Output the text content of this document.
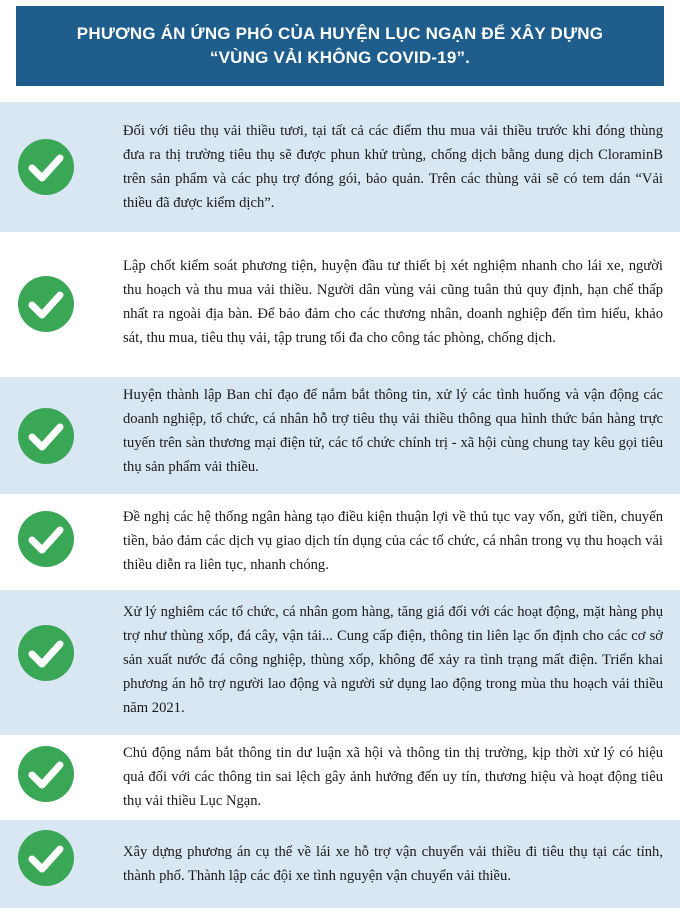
PHƯƠNG ÁN ỨNG PHÓ CỦA HUYỆN LỤC NGẠN ĐỂ XÂY DỰNG
“VÙNG VẢI KHÔNG COVID-19”.
Đối với tiêu thụ vải thiều tươi, tại tất cả các điểm thu mua vải thiều trước khi đóng thùng đưa ra thị trường tiêu thụ sẽ được phun khử trùng, chống dịch bằng dung dịch CloraminB trên sản phẩm và các phụ trợ đóng gói, bảo quản. Trên các thùng vải sẽ có tem dán “Vải thiều đã được kiểm dịch”.
Lập chốt kiểm soát phương tiện, huyện đầu tư thiết bị xét nghiệm nhanh cho lái xe, người thu hoạch và thu mua vải thiều. Người dân vùng vải cũng tuân thủ quy định, hạn chế thấp nhất ra ngoài địa bàn. Để bảo đảm cho các thương nhân, doanh nghiệp đến tìm hiểu, khảo sát, thu mua, tiêu thụ vải, tập trung tối đa cho công tác phòng, chống dịch.
Huyện thành lập Ban chỉ đạo để nắm bắt thông tin, xử lý các tình huống và vận động các doanh nghiệp, tổ chức, cá nhân hỗ trợ tiêu thụ vải thiều thông qua hình thức bán hàng trực tuyến trên sàn thương mại điện tử, các tổ chức chính trị - xã hội cùng chung tay kêu gọi tiêu thụ sản phẩm vải thiều.
Đề nghị các hệ thống ngân hàng tạo điều kiện thuận lợi về thủ tục vay vốn, gửi tiền, chuyển tiền, bảo đảm các dịch vụ giao dịch tín dụng của các tổ chức, cá nhân trong vụ thu hoạch vải thiều diễn ra liên tục, nhanh chóng.
Xử lý nghiêm các tổ chức, cá nhân gom hàng, tăng giá đối với các hoạt động, mặt hàng phụ trợ như thùng xốp, đá cây, vận tải... Cung cấp điện, thông tin liên lạc ổn định cho các cơ sở sản xuất nước đá công nghiệp, thùng xốp, không để xảy ra tình trạng mất điện. Triển khai phương án hỗ trợ người lao động và người sử dụng lao động trong mùa thu hoạch vải thiều năm 2021.
Chủ động nắm bắt thông tin dư luận xã hội và thông tin thị trường, kịp thời xử lý có hiệu quả đối với các thông tin sai lệch gây ảnh hưởng đến uy tín, thương hiệu và hoạt động tiêu thụ vải thiều Lục Ngạn.
Xây dựng phương án cụ thể về lái xe hỗ trợ vận chuyển vải thiều đi tiêu thụ tại các tỉnh, thành phố. Thành lập các đội xe tình nguyện vận chuyển vải thiều.
